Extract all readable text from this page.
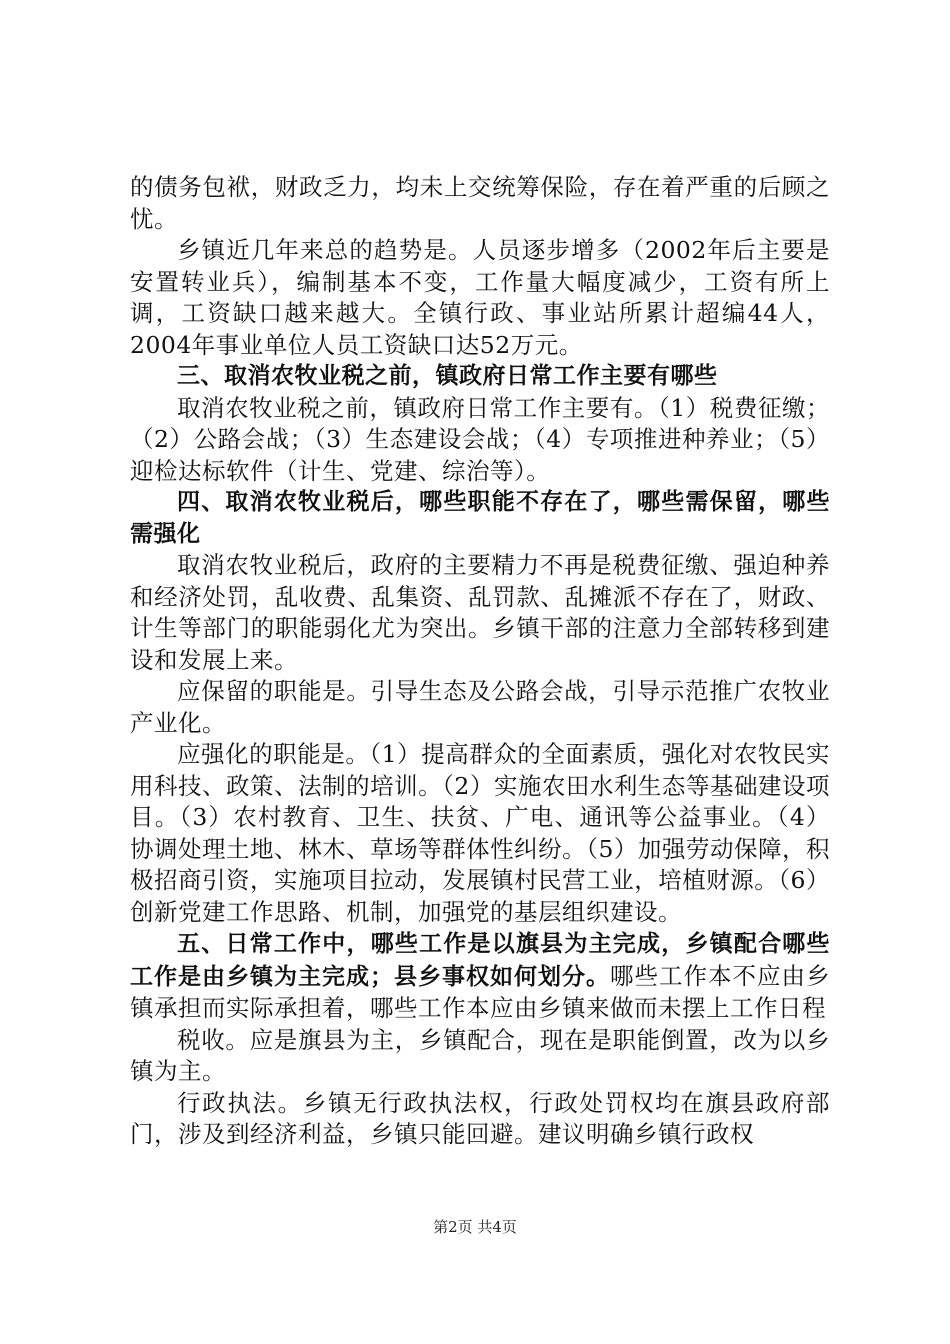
的债务包袱，财政乏力，均未上交统筹保险，存在着严重的后顾之忧。

乡镇近几年来总的趋势是。人员逐步增多（2002年后主要是安置转业兵），编制基本不变，工作量大幅度减少，工资有所上调，工资缺口越来越大。全镇行政、事业站所累计超编44人，2004年事业单位人员工资缺口达52万元。

三、取消农牧业税之前，镇政府日常工作主要有哪些

取消农牧业税之前，镇政府日常工作主要有。（1）税费征缴；（2）公路会战；（3）生态建设会战；（4）专项推进种养业；（5）迎检达标软件（计生、党建、综治等）。

四、取消农牧业税后，哪些职能不存在了，哪些需保留，哪些需强化

取消农牧业税后，政府的主要精力不再是税费征缴、强迫种养和经济处罚，乱收费、乱集资、乱罚款、乱摊派不存在了，财政、计生等部门的职能弱化尤为突出。乡镇干部的注意力全部转移到建设和发展上来。

应保留的职能是。引导生态及公路会战，引导示范推广农牧业产业化。

应强化的职能是。（1）提高群众的全面素质，强化对农牧民实用科技、政策、法制的培训。（2）实施农田水利生态等基础建设项目。（3）农村教育、卫生、扶贫、广电、通讯等公益事业。（4）协调处理土地、林木、草场等群体性纠纷。（5）加强劳动保障，积极招商引资，实施项目拉动，发展镇村民营工业，培植财源。（6）创新党建工作思路、机制，加强党的基层组织建设。

五、日常工作中，哪些工作是以旗县为主完成，乡镇配合哪些工作是由乡镇为主完成；县乡事权如何划分。哪些工作本不应由乡镇承担而实际承担着，哪些工作本应由乡镇来做而未摆上工作日程

税收。应是旗县为主，乡镇配合，现在是职能倒置，改为以乡镇为主。

行政执法。乡镇无行政执法权，行政处罚权均在旗县政府部门，涉及到经济利益，乡镇只能回避。建议明确乡镇行政权

第2页 共4页
